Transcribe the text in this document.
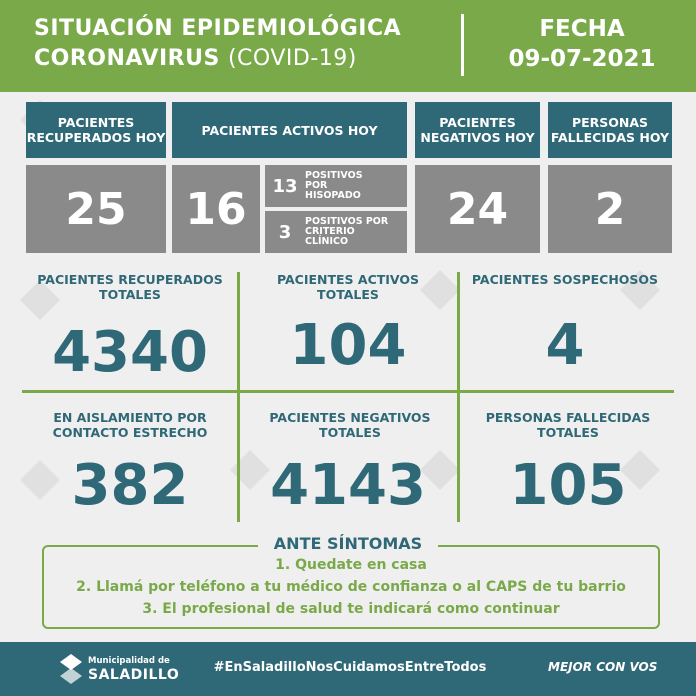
SITUACIÓN EPIDEMIOLÓGICA
CORONAVIRUS (COVID-19)
FECHA
09-07-2021
PACIENTES RECUPERADOS HOY
25
PACIENTES ACTIVOS HOY
16	13 POSITIVOS POR HISOPADO
3	POSITIVOS POR CRITERIO CLÍNICO
PACIENTES NEGATIVOS HOY
24
PERSONAS FALLECIDAS HOY
2
PACIENTES RECUPERADOS TOTALES
4340
PACIENTES ACTIVOS TOTALES
104
PACIENTES SOSPECHOSOS
4
EN AISLAMIENTO POR CONTACTO ESTRECHO
382
PACIENTES NEGATIVOS TOTALES
4143
PERSONAS FALLECIDAS TOTALES
105
ANTE SÍNTOMAS
1. Quedate en casa
2. Llamá por teléfono a tu médico de confianza o al CAPS de tu barrio
3. El profesional de salud te indicará como continuar
Municipalidad de
SALADILLO	#EnSaladilloNosCuidamosEntreTodos	MEJOR CON VOS
